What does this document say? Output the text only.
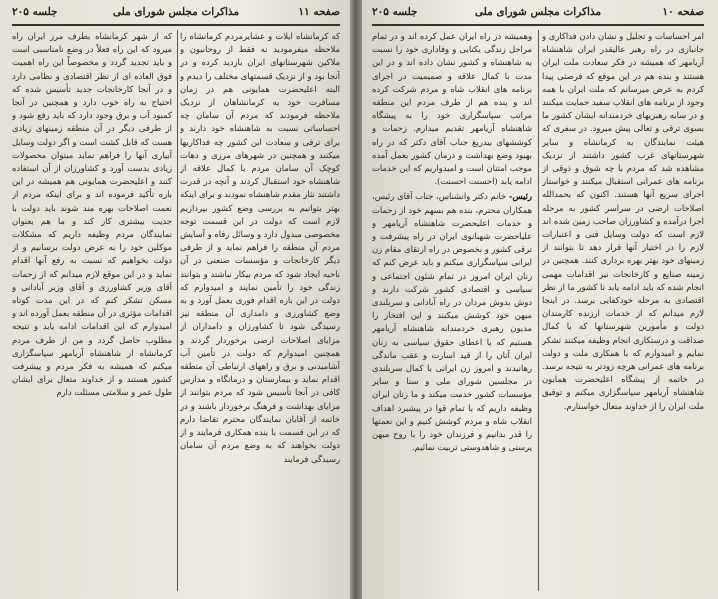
صفحه ۱۱
مذاکرات مجلس شورای ملی
جلسه ۲۰۵

که کرمانشاه ایلات و عشایرمردم کرمانشاه را ملاحظه میفرمودید نه فقط از روحانیون و ملاکین شهرستانهای ایران بازدید کرده و در آنجا بود و از نزدیک قسمتهای مختلف را دیدم و البته اعلیحضرت همایونی هم در زمان مسافرت خود به کرمانشاهان از نزدیک ملاحظه فرمودند که مردم آن سامان چه احساساتی نسبت به شاهنشاه خود دارند و برای ترقی و سعادت این کشور چه فداکاریها میکنند و همچنین در شهرهای مرزی و دهات کوچک آن سامان مردم با کمال علاقه از شاهنشاه خود استقبال کردند و آنچه در قدرت داشتند نثار مقدم شاهنشاه نمودند و برای اینکه بهتر بتوانیم به بررسی وضع کشور بپردازیم لازم است که دولت در این قسمت توجه مخصوصی مبذول دارد و وسائل رفاه و آسایش مردم آن منطقه را فراهم نماید و از طرفی دیگر کارخانجات و مؤسسات صنعتی در آن ناحیه ایجاد شود که مردم بیکار نباشند و بتوانند زندگی خود را تأمین نمایند و امیدوارم که دولت در این باره اقدام فوری بعمل آورد و به وضع کشاورزی و دامداری آن منطقه نیز رسیدگی شود تا کشاورزان و دامداران از مزایای اصلاحات ارضی برخوردار گردند و همچنین امیدوارم که دولت در تأمین آب آشامیدنی و برق و راههای ارتباطی آن منطقه اقدام نماید و بیمارستان و درمانگاه و مدارس کافی در آنجا تأسیس شود که مردم بتوانند از مزایای بهداشت و فرهنگ برخوردار باشند و در خاتمه از آقایان نمایندگان محترم تقاضا دارم که در این قسمت با بنده همکاری فرمایند و از دولت بخواهند که به وضع مردم آن سامان رسیدگی فرمایند

که از شهر کرمانشاه بطرف مرز ایران راه میرود که این راه فعلاً در وضع نامناسبی است و باید تجدید گردد و مخصوصاً این راه اهمیت فوق العاده ای از نظر اقتصادی و نظامی دارد و در آنجا کارخانجات جدید تأسیس شده که احتیاج به راه خوب دارد و همچنین در آنجا کمبود آب و برق وجود دارد که باید رفع شود و از طرفی دیگر در آن منطقه زمینهای زیادی هست که قابل کشت است و اگر دولت وسایل آبیاری آنها را فراهم نماید میتوان محصولات زیادی بدست آورد و کشاورزان از آن استفاده کنند و اعلیحضرت همایونی هم همیشه در این باره تأکید فرموده اند و برای اینکه مردم از نعمت اصلاحات بهره مند شوند باید دولت با جدیت بیشتری کار کند و ما هم بعنوان نمایندگان مردم وظیفه داریم که مشکلات موکلین خود را به عرض دولت برسانیم و از دولت بخواهیم که نسبت به رفع آنها اقدام نماید و در این موقع لازم میدانم که از زحمات آقای وزیر کشاورزی و آقای وزیر آبادانی و مسکن تشکر کنم که در این مدت کوتاه اقدامات مؤثری در آن منطقه بعمل آورده اند و امیدوارم که این اقدامات ادامه یابد و نتیجه مطلوب حاصل گردد و من از طرف مردم کرمانشاه از شاهنشاه آریامهر سپاسگزاری میکنم که همیشه به فکر مردم و پیشرفت کشور هستند و از خداوند متعال برای ایشان طول عمر و سلامتی مسئلت دارم

صفحه ۱۰
مذاکرات مجلس شورای ملی
جلسه ۲۰۵

امر احساسات و تجلیل و نشان دادن فداکاری و جانبازی در راه رهبر عالیقدر ایران شاهنشاه آریامهر که همیشه در فکر سعادت ملت ایران هستند و بنده هم در این موقع که فرصتی پیدا کردم به عرض میرسانم که ملت ایران با همه وجود از برنامه های انقلاب سفید حمایت میکنند و در سایه رهبریهای خردمندانه ایشان کشور ما بسوی ترقی و تعالی پیش میرود. در سفری که هیئت نمایندگان به کرمانشاه و سایر شهرستانهای غرب کشور داشتند از نزدیک مشاهده شد که مردم با چه شوق و ذوقی از برنامه های عمرانی استقبال میکنند و خواستار اجرای سریع آنها هستند. اکنون که بحمدالله اصلاحات ارضی در سراسر کشور به مرحله اجرا درآمده و کشاورزان صاحب زمین شده اند لازم است که دولت وسایل فنی و اعتبارات لازم را در اختیار آنها قرار دهد تا بتوانند از زمینهای خود بهتر بهره برداری کنند. همچنین در زمینه صنایع و کارخانجات نیز اقدامات مهمی انجام شده که باید ادامه یابد تا کشور ما از نظر اقتصادی به مرحله خودکفایی برسد. در اینجا لازم میدانم که از خدمات ارزنده کارمندان دولت و مأمورین شهرستانها که با کمال صداقت و درستکاری انجام وظیفه میکنند تشکر نمایم و امیدوارم که با همکاری ملت و دولت برنامه های عمرانی هرچه زودتر به نتیجه برسد. در خاتمه از پیشگاه اعلیحضرت همایون شاهنشاه آریامهر سپاسگزاری میکنم و توفیق ملت ایران را از خداوند متعال خواستارم.

وهمیشه در راه ایران عمل کرده اند و در تمام مراحل زندگی یکتایی و وفاداری خود را نسبت به شاهنشاه و کشور نشان داده اند و در این مدت با کمال علاقه و صمیمیت در اجرای برنامه های انقلاب شاه و مردم شرکت کرده اند و بنده هم از طرف مردم این منطقه مراتب سپاسگزاری خود را به پیشگاه شاهنشاه آریامهر تقدیم میدارم. زحمات و کوششهای بیدریغ جناب آقای دکتر که در راه بهبود وضع بهداشت و درمان کشور بعمل آمده موجب امتنان است و امیدواریم که این خدمات ادامه یابد (احسنت احسنت).

رئیس- خانم دکتر وانشناس، جناب آقای رئیس، همکاران محترم، بنده هم بسهم خود از زحمات و خدمات اعلیحضرت شاهنشاه آریامهر و علیاحضرت شهبانوی ایران در راه پیشرفت و ترقی کشور و بخصوص در راه ارتقای مقام زن ایرانی سپاسگزاری میکنم و باید عرض کنم که زنان ایران امروز در تمام شئون اجتماعی و سیاسی و اقتصادی کشور شرکت دارند و دوش بدوش مردان در راه آبادانی و سربلندی میهن خود کوشش میکنند و این افتخار را مدیون رهبری خردمندانه شاهنشاه آریامهر هستیم که با اعطای حقوق سیاسی به زنان ایران آنان را از قید اسارت و عقب ماندگی رهانیدند و امروز زن ایرانی با کمال سربلندی در مجلسین شورای ملی و سنا و سایر مؤسسات کشور خدمت میکند و ما زنان ایران وظیفه داریم که با تمام قوا در پیشبرد اهداف انقلاب شاه و مردم کوشش کنیم و این نعمتها را قدر بدانیم و فرزندان خود را با روح میهن پرستی و شاهدوستی تربیت نمائیم.
